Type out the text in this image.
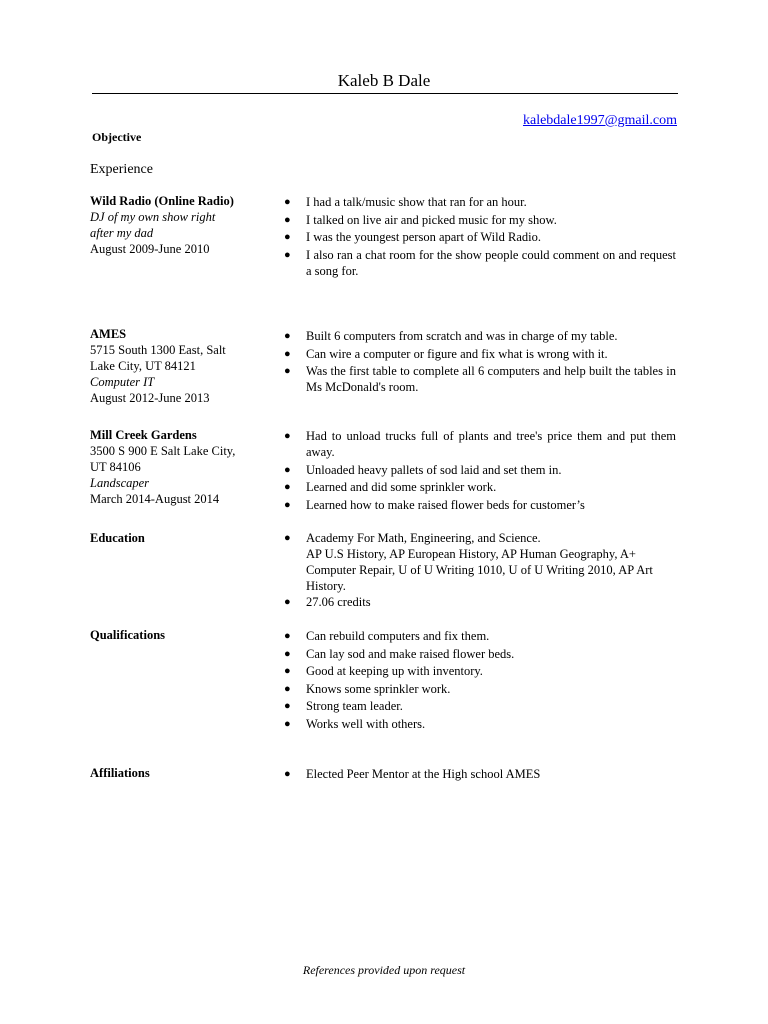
Kaleb B Dale
kalebdale1997@gmail.com
Objective
Experience
Wild Radio (Online Radio)
DJ of my own show right
after my dad
August 2009-June 2010
● I had a talk/music show that ran for an hour.
● I talked on live air and picked music for my show.
● I was the youngest person apart of Wild Radio.
● I also ran a chat room for the show people could comment on and request a song for.
AMES
5715 South 1300 East, Salt
Lake City, UT 84121
Computer IT
August 2012-June 2013
● Built 6 computers from scratch and was in charge of my table.
● Can wire a computer or figure and fix what is wrong with it.
● Was the first table to complete all 6 computers and help built the tables in Ms McDonald's room.
Mill Creek Gardens
3500 S 900 E Salt Lake City,
UT 84106
Landscaper
March 2014-August 2014
● Had to unload trucks full of plants and tree's price them and put them away.
● Unloaded heavy pallets of sod laid and set them in.
● Learned and did some sprinkler work.
● Learned how to make raised flower beds for customer’s
Education	● Academy For Math, Engineering, and Science.
AP U.S History, AP European History, AP Human Geography, A+ Computer Repair, U of U Writing 1010, U of U Writing 2010, AP Art History.
● 27.06 credits
Qualifications	● Can rebuild computers and fix them.
● Can lay sod and make raised flower beds.
● Good at keeping up with inventory.
● Knows some sprinkler work.
● Strong team leader.
● Works well with others.
Affiliations	● Elected Peer Mentor at the High school AMES
References provided upon request
